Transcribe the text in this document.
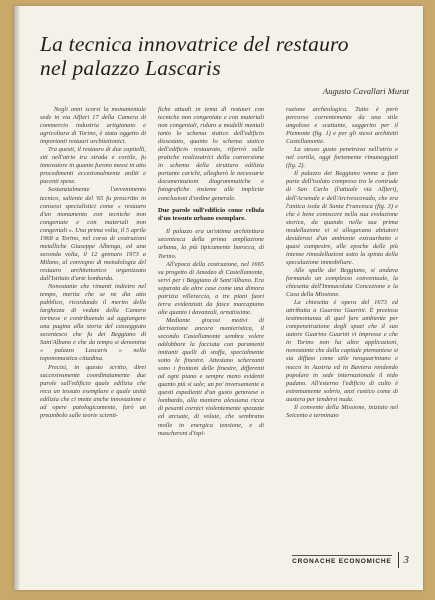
La tecnica innovatrice del restauro
nel palazzo Lascaris
Augusto Cavallari Murat

Negli anni scorsi la monumentale sede in via Alfieri 17 della Camera di commercio industria artigianato e agricoltura di Torino, è stata oggetto di importanti restauri architettonici.

Tra questi, il restauro di due capitelli, siti nell'atrio tra strada e cortile, fu innovatore in quanto furono messi in atto procedimenti eccezionalmente arditi e pacenti spese.

Sostanzialmente l'avvenimento tecnico, saliente del '65 fu prescritto in consessi specialistici come « restauro d'un monumento con tecniche non congeniate e con materiali non congeniali ». Una prima volta, il 5 aprile 1968 a Torino, nel corso di costruzioni metalliche Giuseppe Albenga, ed una seconda volta, il 12 gennaio 1973 a Milano, al convegno di metodologia del restauro architettonico organizzato dall'Istituto d'arte lombarda.

Nonostante che rimanti indietro nel tempo, merita che se ne dia atto pubblico, ricordando il merito della larghezza di vedute della Camera torinese e contribuendo ad aggiungere una pagina alla storia del casseggiato secentesco che fu dei Beggiano di Sant'Albano e che da tempo si denomina « palazzo Lascaris » nella toponomastica cittadina.

Precisi, in questo scritto, direi succesivamente coordinatamente due parole sull'edificio quale edilizia che reca un tessuto esemplare e quale unità edilizia che ci mette anche innovazione e ad opere patologicamente, farò un preambolo sulle teorie scienti-

fiche attuali in tema di restauri con tecniche non congeniate e con materiali non congeniali, riduro a modelli mentali tanto lo schema statico dell'edificio dissestato, quanto lo schema statico dell'edificio restaurato, riferirò sulle pratiche realizzatrici della conversione in schema della struttura edilizia portante carichi, allegherò le necessarie documentazioni diagrammatiche e fotografiche insieme alle implicite conclusioni d'ordine generale.

Due parole sull'edificio come cellula d'un tessuto urbano esemplare.

Il palazzo era un'ottima architettura secentesca della prima ampliazione urbana, la più tipicamente barocca, di Torino.

All'epoca della costruzione, nel 1665 su progetto di Amedeo di Castellamonte, servì per i Beggiano di Sant'Albano. Era separata da altre case come una dimora patrizia villereccia, a tre piani fuori terra evidenziati da fasce marcapiano alte quanto i davanzali, ornatissime.

Mediante giocosi motivi di derivazione ancora manieristica, il secondo Castellamonte sembra volere addobbare la facciata con paramenti imitanti quelli di stoffa, specialmente sotto le finestre. Attestano scherzanti sono i frontoni delle finestre, differenti ad ogni piano e sempre meno evidenti quanto più si sale; un po' inversamente a questi espedienti d'un gusto genovese o lombardo, alla maniera alessiana ricca di pesanti cornici violentemente spezzate ed arcuate, di volute, che sembrano molle in energica tensione, e di mascheroni d'ispi-

razione archeologica. Tutto è però percorso correntemente da una stile angoloso e scattante, suggerito per il Piemonte (fig. 1) e per gli stessi architetti Castellamonte.

La stesso gusto penetrava nell'atrio e nel cortile, oggi fortemente rimaneggiati (fig. 2).

Il palazzo dei Beggiano venne a fare parte dell'isolato compreso tra le contrade di San Carlo (l'attuale via Alfieri), dell'Arsenale e dell'Arcivescovado, che era l'antica isola di Santa Francesca (fig. 3) e che è bene conoscere nella sua evoluzione storica, da quando nella sua prima modellazione vi si allogavano abitatori desiderosi d'un ambiente extraurbano e quasi campestre, alle epoche delle più intense rimodellazioni sotto la spinta della speculazione immobiliare.

Alle spalle dei Beggiano, si andava formando un complesso conventuale, la chiesetta dell'Immacolata Concezione e la Casa della Missione.

La chiesetta è opera del 1673 ed attribuita a Guarino Guarini. È preziosa testimonianza di quel fare ambiente per compenetrazione degli spazi che il suo autore Guarino Guarini vi impresse e che in Torino non ha altre applicazioni, nonostante che dalla capitale piemontese si sia diffuso come stile neoguariniano e nocco in Austria ed in Baviera rendendo popolare in sede internazionale il nido padano. All'esterno l'edificio di culto è estremamente sobrio, anzi rustico come di austera per tendersi nuda.

Il convento della Missione, iniziato nel Seicento e terminato

CRONACHE ECONOMICHE 3
